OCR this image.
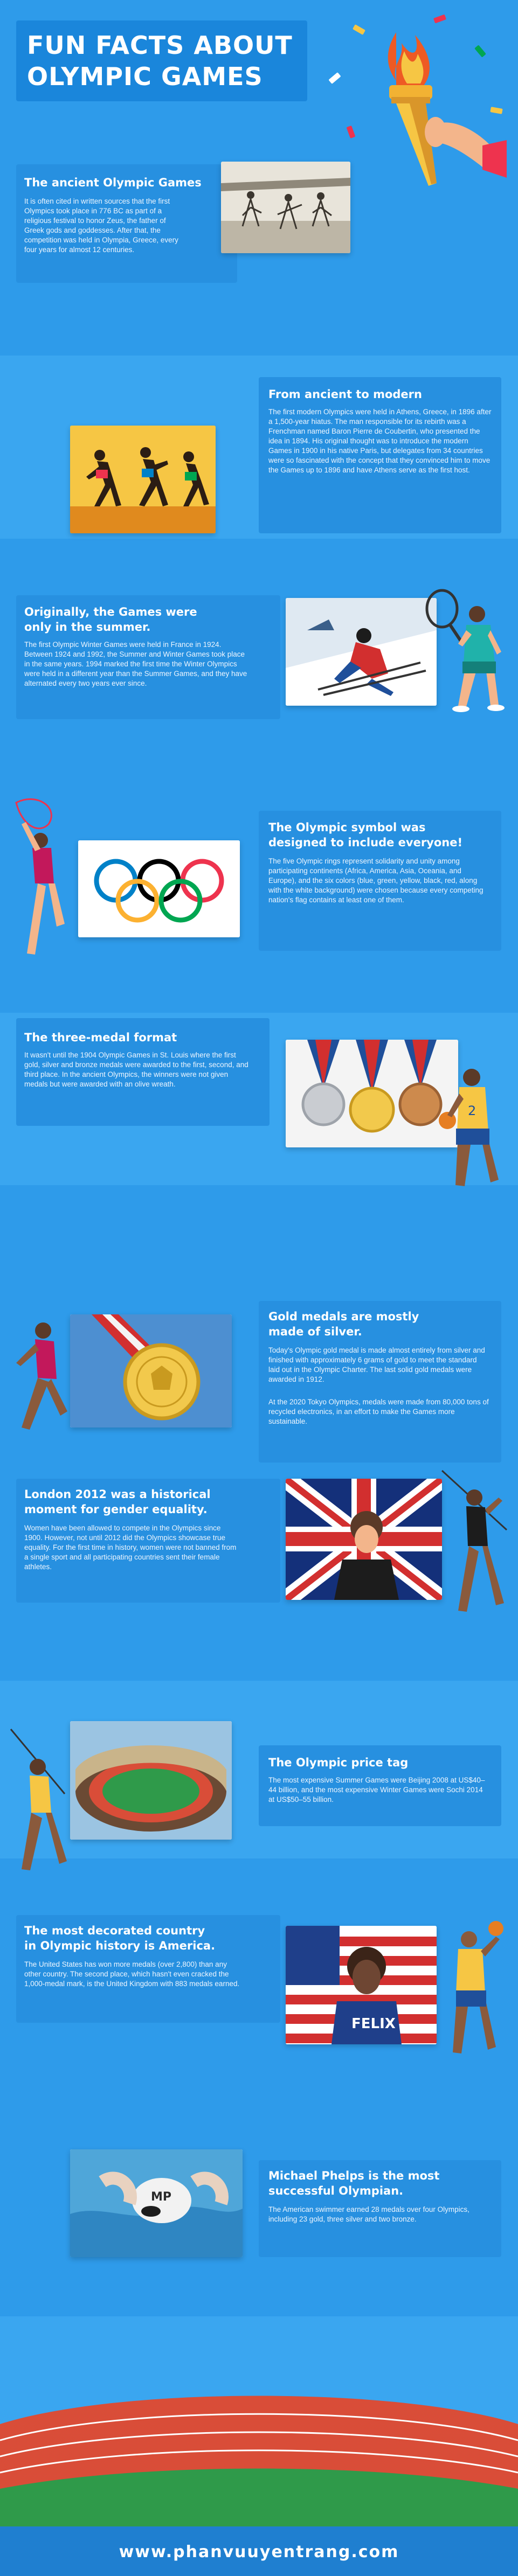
FUN FACTS ABOUT
OLYMPIC GAMES
The ancient Olympic Games
It is often cited in written sources that the first Olympics took place in 776 BC as part of a religious festival to honor Zeus, the father of Greek gods and goddesses. After that, the competition was held in Olympia, Greece, every four years for almost 12 centuries.
From ancient to modern
The first modern Olympics were held in Athens, Greece, in 1896 after a 1,500-year hiatus. The man responsible for its rebirth was a Frenchman named Baron Pierre de Coubertin, who presented the idea in 1894. His original thought was to introduce the modern Games in 1900 in his native Paris, but delegates from 34 countries were so fascinated with the concept that they convinced him to move the Games up to 1896 and have Athens serve as the first host.
Originally, the Games were
only in the summer.
The first Olympic Winter Games were held in France in 1924. Between 1924 and 1992, the Summer and Winter Games took place in the same years. 1994 marked the first time the Winter Olympics were held in a different year than the Summer Games, and they have alternated every two years ever since.
The Olympic symbol was
designed to include everyone!
The five Olympic rings represent solidarity and unity among participating continents (Africa, America, Asia, Oceania, and Europe), and the six colors (blue, green, yellow, black, red, along with the white background) were chosen because every competing nation's flag contains at least one of them.
The three-medal format
It wasn't until the 1904 Olympic Games in St. Louis where the first gold, silver and bronze medals were awarded to the first, second, and third place. In the ancient Olympics, the winners were not given medals but were awarded with an olive wreath.
2
Gold medals are mostly
made of silver.
Today's Olympic gold medal is made almost entirely from silver and finished with approximately 6 grams of gold to meet the standard laid out in the Olympic Charter. The last solid gold medals were awarded in 1912.
At the 2020 Tokyo Olympics, medals were made from 80,000 tons of recycled electronics, in an effort to make the Games more sustainable.
London 2012 was a historical
moment for gender equality.
Women have been allowed to compete in the Olympics since 1900. However, not until 2012 did the Olympics showcase true equality. For the first time in history, women were not banned from a single sport and all participating countries sent their female athletes.
The Olympic price tag
The most expensive Summer Games were Beijing 2008 at US$40–44 billion, and the most expensive Winter Games were Sochi 2014 at US$50–55 billion.
The most decorated country
in Olympic history is America.
The United States has won more medals (over 2,800) than any other country. The second place, which hasn't even cracked the 1,000-medal mark, is the United Kingdom with 883 medals earned.
FELIX
MP
Michael Phelps is the most
successful Olympian.
The American swimmer earned 28 medals over four Olympics, including 23 gold, three silver and two bronze.
www.phanvuuyentrang.com
